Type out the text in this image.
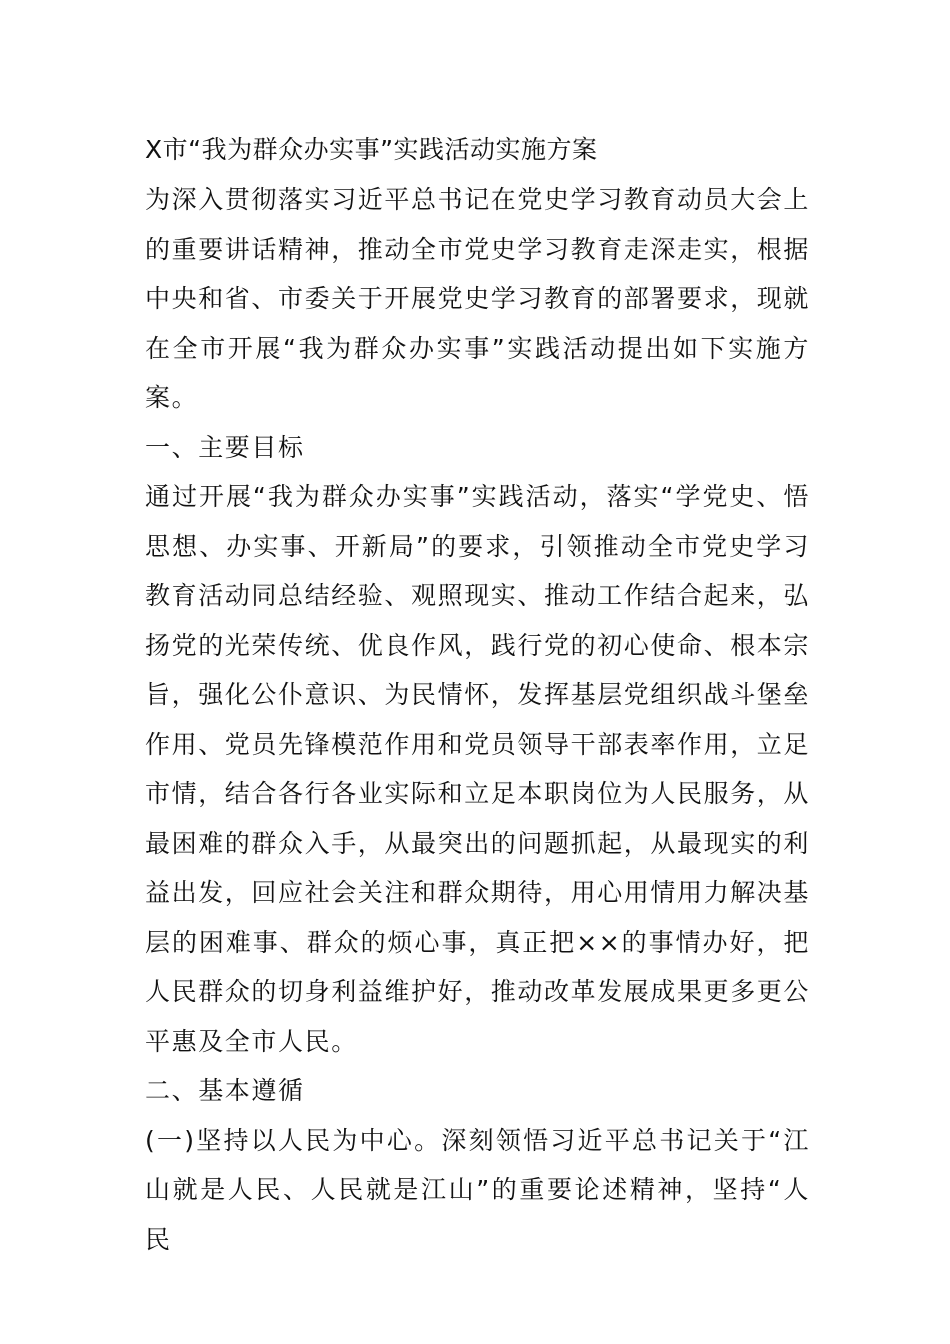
X市“我为群众办实事”实践活动实施方案

为深入贯彻落实习近平总书记在党史学习教育动员大会上的重要讲话精神，推动全市党史学习教育走深走实，根据中央和省、市委关于开展党史学习教育的部署要求，现就在全市开展“我为群众办实事”实践活动提出如下实施方案。

一、主要目标

通过开展“我为群众办实事”实践活动，落实“学党史、悟思想、办实事、开新局”的要求，引领推动全市党史学习教育活动同总结经验、观照现实、推动工作结合起来，弘扬党的光荣传统、优良作风，践行党的初心使命、根本宗旨，强化公仆意识、为民情怀，发挥基层党组织战斗堡垒作用、党员先锋模范作用和党员领导干部表率作用，立足市情，结合各行各业实际和立足本职岗位为人民服务，从最困难的群众入手，从最突出的问题抓起，从最现实的利益出发，回应社会关注和群众期待，用心用情用力解决基层的困难事、群众的烦心事，真正把××的事情办好，把人民群众的切身利益维护好，推动改革发展成果更多更公平惠及全市人民。

二、基本遵循

(一)坚持以人民为中心。深刻领悟习近平总书记关于“江山就是人民、人民就是江山”的重要论述精神，坚持“人民
